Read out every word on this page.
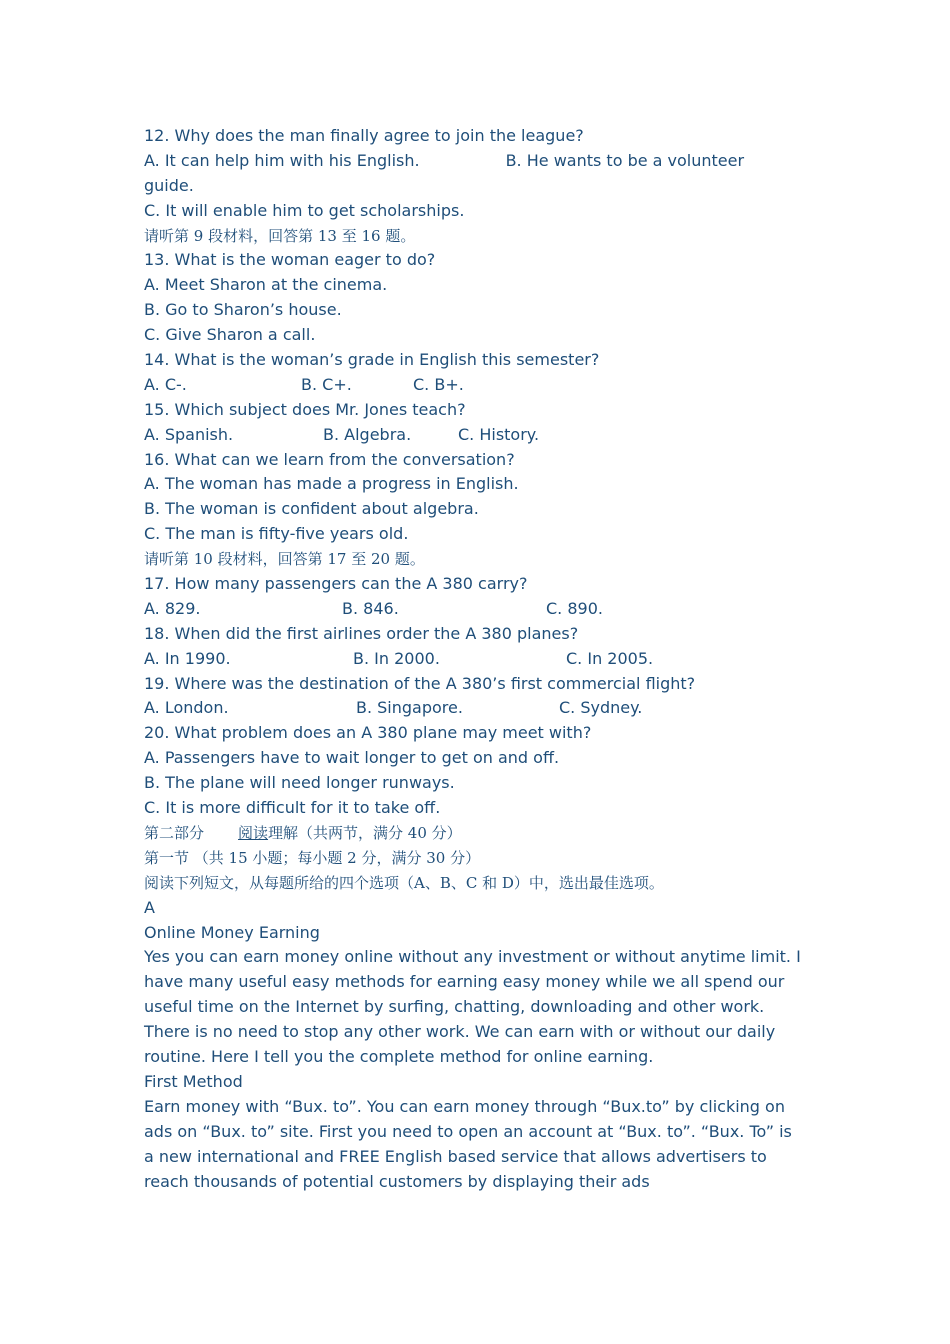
12. Why does the man finally agree to join the league?
A. It can help him with his English.	B. He wants to be a volunteer
guide.
C. It will enable him to get scholarships.
请听第 9 段材料，回答第 13 至 16 题。
13. What is the woman eager to do?
A. Meet Sharon at the cinema.
B. Go to Sharon’s house.
C. Give Sharon a call.
14. What is the woman’s grade in English this semester?
A. C-.	B. C+.	C. B+.
15. Which subject does Mr. Jones teach?
A. Spanish.	B. Algebra.	C. History.
16. What can we learn from the conversation?
A. The woman has made a progress in English.
B. The woman is confident about algebra.
C. The man is fifty-five years old.
请听第 10 段材料，回答第 17 至 20 题。
17. How many passengers can the A 380 carry?
A. 829.	B. 846.	C. 890.
18. When did the first airlines order the A 380 planes?
A. In 1990.	B. In 2000.	C. In 2005.
19. Where was the destination of the A 380’s first commercial flight?
A. London.	B. Singapore.	C. Sydney.
20. What problem does an A 380 plane may meet with?
A. Passengers have to wait longer to get on and off.
B. The plane will need longer runways.
C. It is more difficult for it to take off.
第二部分 阅读理解（共两节，满分 40 分）
第一节 （共 15 小题；每小题 2 分，满分 30 分）
阅读下列短文，从每题所给的四个选项（A、B、C 和 D）中，选出最佳选项。
A
Online Money Earning
Yes you can earn money online without any investment or without anytime limit. I have many useful easy methods for earning easy money while we all spend our useful time on the Internet by surfing, chatting, downloading and other work. There is no need to stop any other work. We can earn with or without our daily routine. Here I tell you the complete method for online earning.
First Method
Earn money with “Bux. to”. You can earn money through “Bux.to” by clicking on ads on “Bux. to” site. First you need to open an account at “Bux. to”. “Bux. To” is a new international and FREE English based service that allows advertisers to reach thousands of potential customers by displaying their ads
